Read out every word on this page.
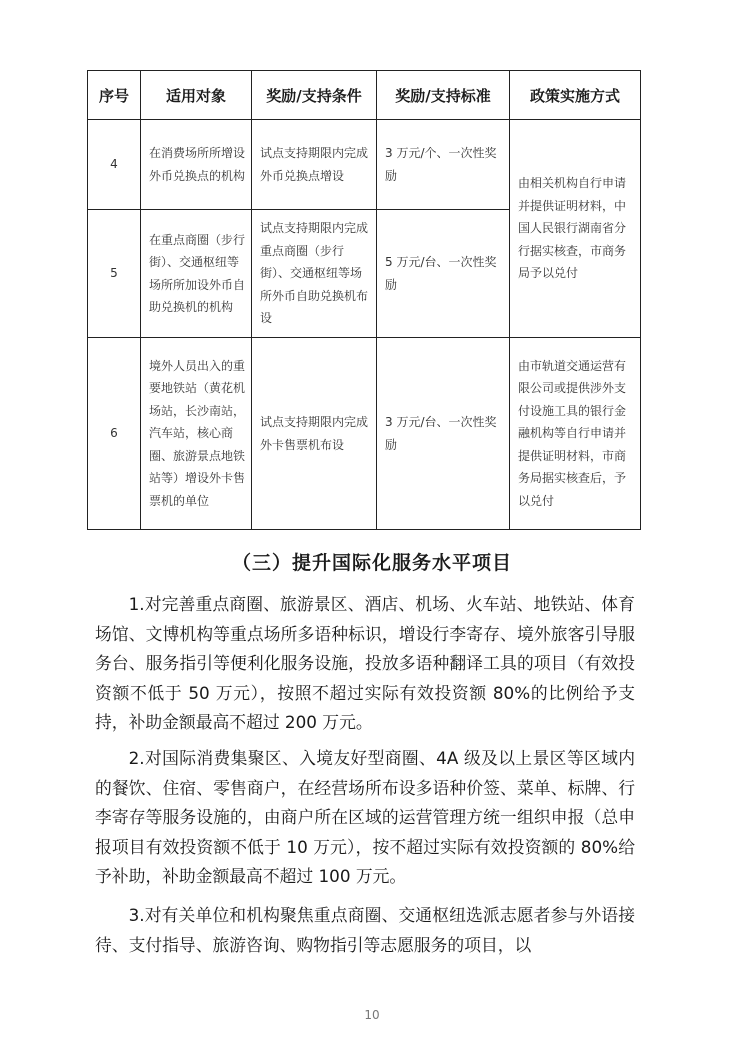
序号	适用对象	奖励/支持条件	奖励/支持标准	政策实施方式
4	在消费场所所增设外币兑换点的机构	试点支持期限内完成外币兑换点增设	3 万元/个、一次性奖励	由相关机构自行申请并提供证明材料，中国人民银行湖南省分行据实核查，市商务局予以兑付
5	在重点商圈（步行街）、交通枢纽等场所所加设外币自助兑换机的机构	试点支持期限内完成重点商圈（步行街）、交通枢纽等场所外币自助兑换机布设	5 万元/台、一次性奖励	
6	境外人员出入的重要地铁站（黄花机场站，长沙南站，汽车站，核心商圈、旅游景点地铁站等）增设外卡售票机的单位	试点支持期限内完成外卡售票机布设	3 万元/台、一次性奖励	由市轨道交通运营有限公司或提供涉外支付设施工具的银行金融机构等自行申请并提供证明材料，市商务局据实核查后，予以兑付
（三）提升国际化服务水平项目

1.对完善重点商圈、旅游景区、酒店、机场、火车站、地铁站、体育场馆、文博机构等重点场所多语种标识，增设行李寄存、境外旅客引导服务台、服务指引等便利化服务设施，投放多语种翻译工具的项目（有效投资额不低于 50 万元），按照不超过实际有效投资额 80%的比例给予支持，补助金额最高不超过 200 万元。

2.对国际消费集聚区、入境友好型商圈、4A 级及以上景区等区域内的餐饮、住宿、零售商户，在经营场所布设多语种价签、菜单、标牌、行李寄存等服务设施的，由商户所在区域的运营管理方统一组织申报（总申报项目有效投资额不低于 10 万元），按不超过实际有效投资额的 80%给予补助，补助金额最高不超过 100 万元。

3.对有关单位和机构聚焦重点商圈、交通枢纽选派志愿者参与外语接待、支付指导、旅游咨询、购物指引等志愿服务的项目，以

10
